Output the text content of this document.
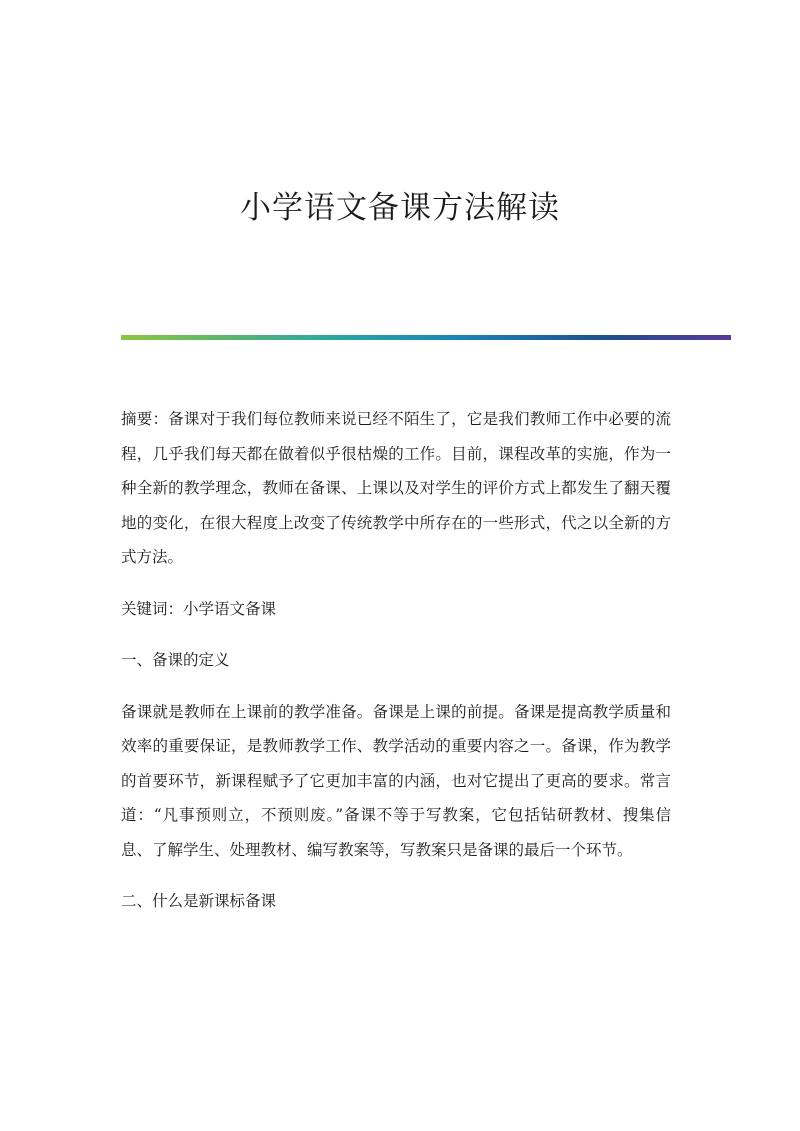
小学语文备课方法解读

摘要：备课对于我们每位教师来说已经不陌生了，它是我们教师工作中必要的流程，几乎我们每天都在做着似乎很枯燥的工作。目前，课程改革的实施，作为一种全新的教学理念，教师在备课、上课以及对学生的评价方式上都发生了翻天覆地的变化，在很大程度上改变了传统教学中所存在的一些形式，代之以全新的方式方法。

关键词：小学语文备课

一、备课的定义

备课就是教师在上课前的教学准备。备课是上课的前提。备课是提高教学质量和效率的重要保证，是教师教学工作、教学活动的重要内容之一。备课，作为教学的首要环节，新课程赋予了它更加丰富的内涵，也对它提出了更高的要求。常言道：“凡事预则立，不预则废。”备课不等于写教案，它包括钻研教材、搜集信息、了解学生、处理教材、编写教案等，写教案只是备课的最后一个环节。

二、什么是新课标备课
